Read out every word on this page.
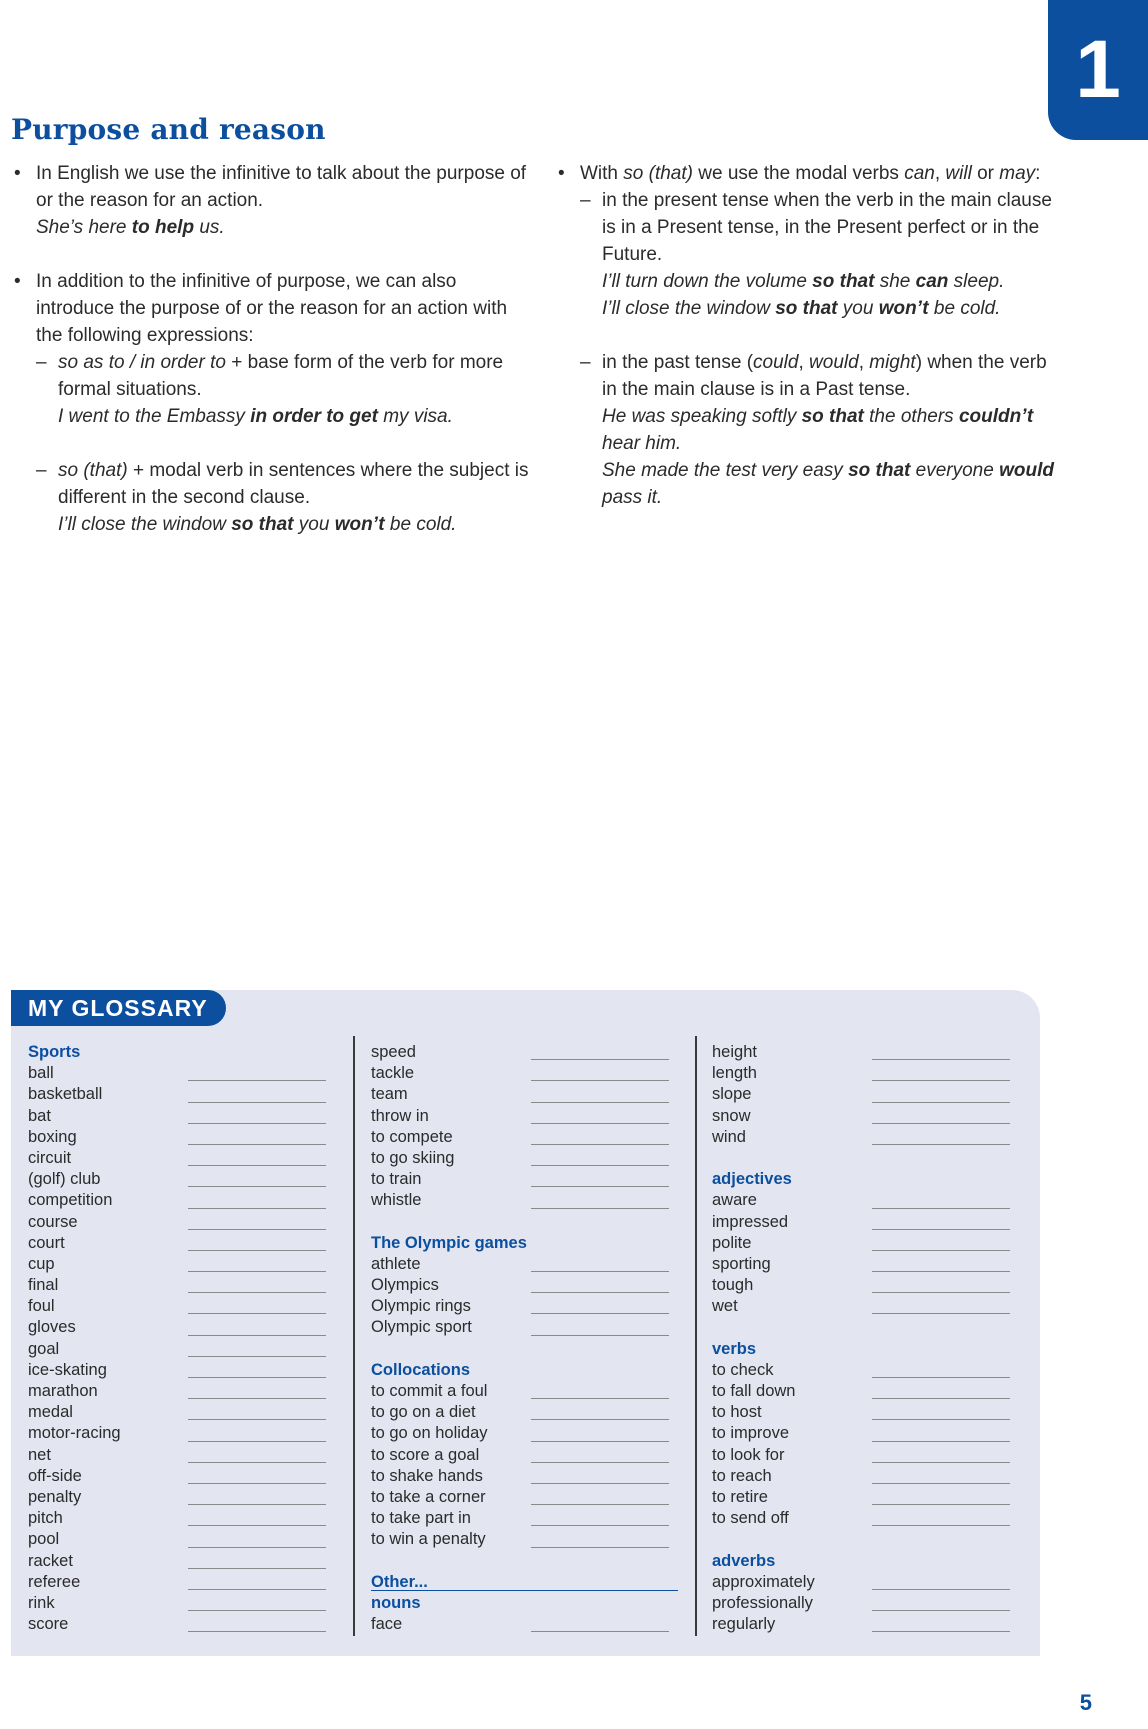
1
Purpose and reason
• In English we use the infinitive to talk about the purpose of or the reason for an action.
She’s here to help us.
• In addition to the infinitive of purpose, we can also introduce the purpose of or the reason for an action with the following expressions:
– so as to / in order to + base form of the verb for more formal situations.
I went to the Embassy in order to get my visa.
– so (that) + modal verb in sentences where the subject is different in the second clause.
I’ll close the window so that you won’t be cold.
• With so (that) we use the modal verbs can, will or may:
– in the present tense when the verb in the main clause is in a Present tense, in the Present perfect or in the Future.
I’ll turn down the volume so that she can sleep.
I’ll close the window so that you won’t be cold.
– in the past tense (could, would, might) when the verb in the main clause is in a Past tense.
He was speaking softly so that the others couldn’t hear him.
She made the test very easy so that everyone would pass it.
MY GLOSSARY
Sports
ball
basketball
bat
boxing
circuit
(golf) club
competition
course
court
cup
final
foul
gloves
goal
ice-skating
marathon
medal
motor-racing
net
off-side
penalty
pitch
pool
racket
referee
rink
score
speed
tackle
team
throw in
to compete
to go skiing
to train
whistle
The Olympic games
athlete
Olympics
Olympic rings
Olympic sport
Collocations
to commit a foul
to go on a diet
to go on holiday
to score a goal
to shake hands
to take a corner
to take part in
to win a penalty
Other...
nouns
face
height
length
slope
snow
wind
adjectives
aware
impressed
polite
sporting
tough
wet
verbs
to check
to fall down
to host
to improve
to look for
to reach
to retire
to send off
adverbs
approximately
professionally
regularly
5
